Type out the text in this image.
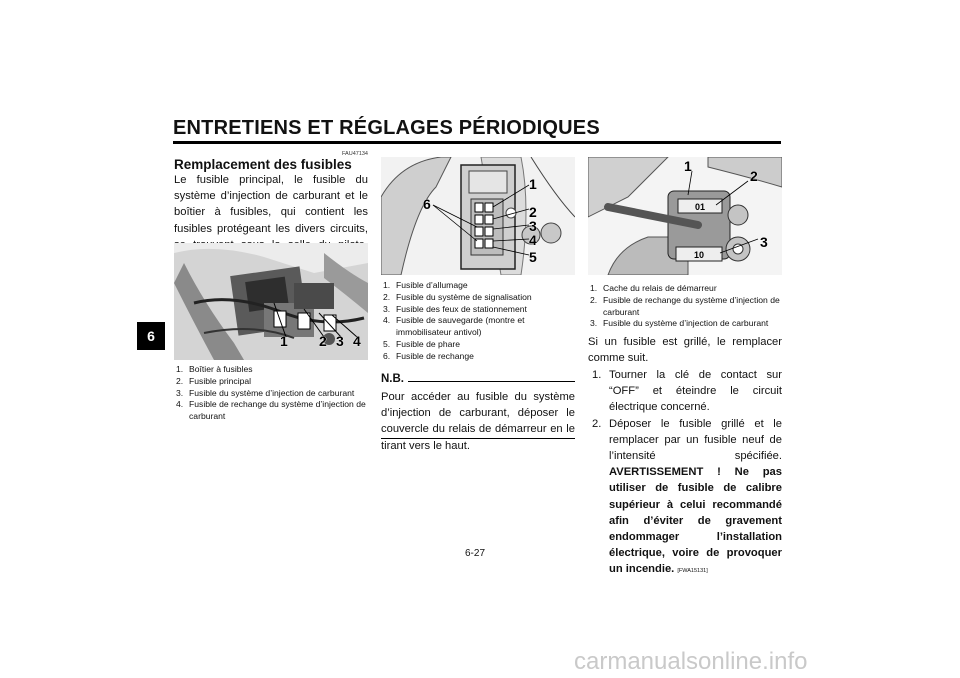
ENTRETIENS ET RÉGLAGES PÉRIODIQUES
6
FAU47134
Remplacement des fusibles
Le fusible principal, le fusible du système d’injection de carburant et le boîtier à fusibles, qui contient les fusibles protégeant les divers circuits,
1 2 3 4
1. Boîtier à fusibles
2. Fusible principal
3. Fusible du système d’injection de carburant
4. Fusible de rechange du système d’injection de carburant
6
1
2
3
4
5
1. Fusible d’allumage
2. Fusible du système de signalisation
3. Fusible des feux de stationnement
4. Fusible de sauvegarde (montre et immobilisateur antivol)
5. Fusible de phare
6. Fusible de rechange
N.B.
Pour accéder au fusible du système d’injection de carburant, déposer le couvercle du relais de démarreur en le tirant vers le haut.
01
10
1
2
3
1. Cache du relais de démarreur
2. Fusible de rechange du système d’injection de carburant
3. Fusible du système d’injection de carburant
Si un fusible est grillé, le remplacer comme suit.
1. Tourner la clé de contact sur “OFF” et éteindre le circuit électrique concerné.
2. Déposer le fusible grillé et le remplacer par un fusible neuf de l’intensité spécifiée. AVERTISSEMENT ! Ne pas utiliser de fusible de calibre supérieur à celui recommandé afin d’éviter de gravement endommager l’installation électrique, voire de provoquer un incendie. [FWA15131]
6-27
carmanualsonline.info
